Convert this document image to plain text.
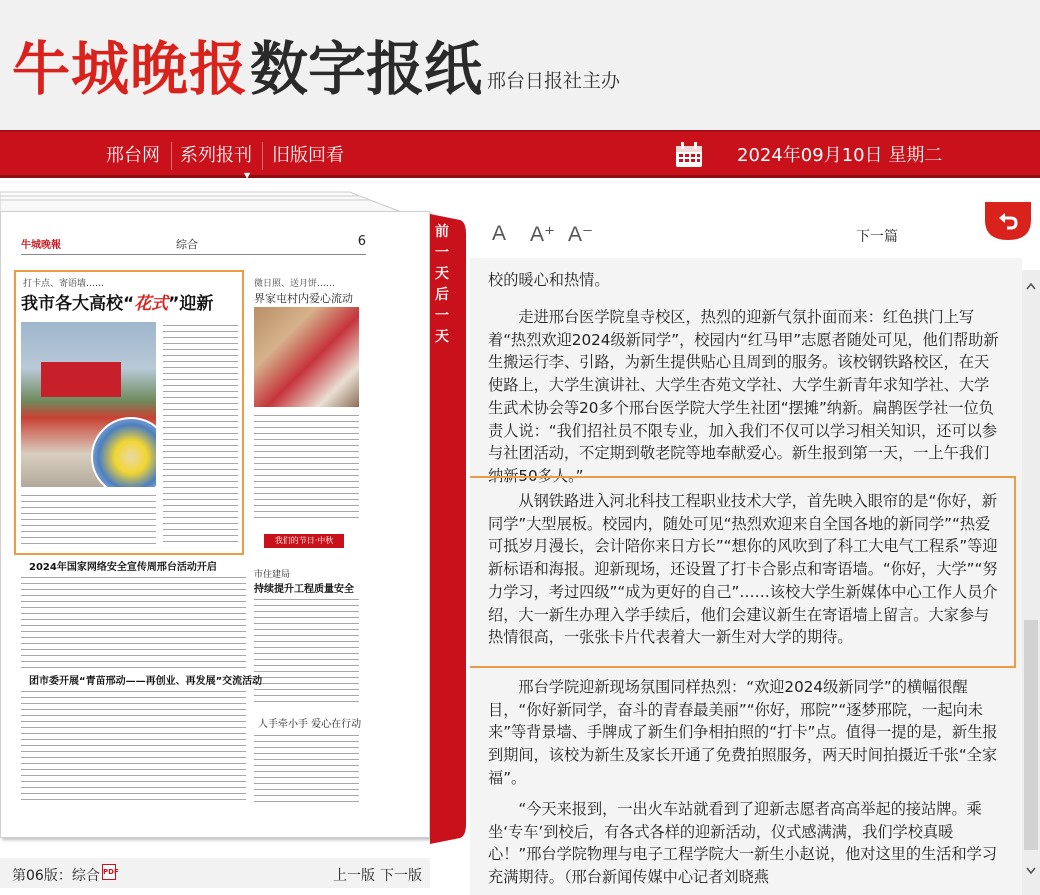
牛城晚报 数字报纸 邢台日报社主办
邢台网 系列报刊
▼
旧版回看	2024年09月10日 星期二
牛城晚報	综合	6
打卡点、寄语墙……
我市各大高校“花式”迎新
微日照、送月饼……
界家屯村内爱心流动
我们的节日·中秋
2024年国家网络安全宣传周邢台活动开启
市住建局
持续提升工程质量安全
团市委开展“青苗邢动——再创业、再发展”交流活动
人手牵小手 爱心在行动
第06版：综合 PDF	上一版 下一版
前
一
天
后
一
天
A A⁺ A⁻	下一篇
校的暖心和热情。
　　走进邢台医学院皇寺校区，热烈的迎新气氛扑面而来：红色拱门上写着“热烈欢迎2024级新同学”，校园内“红马甲”志愿者随处可见，他们帮助新生搬运行李、引路，为新生提供贴心且周到的服务。该校钢铁路校区，在天使路上，大学生演讲社、大学生杏苑文学社、大学生新青年求知学社、大学生武术协会等20多个邢台医学院大学生社团“摆摊”纳新。扁鹊医学社一位负责人说：“我们招社员不限专业，加入我们不仅可以学习相关知识，还可以参与社团活动，不定期到敬老院等地奉献爱心。新生报到第一天，一上午我们纳新50多人。”
　　从钢铁路进入河北科技工程职业技术大学，首先映入眼帘的是“你好，新同学”大型展板。校园内，随处可见“热烈欢迎来自全国各地的新同学”“热爱可抵岁月漫长，会计陪你来日方长”“想你的风吹到了科工大电气工程系”等迎新标语和海报。迎新现场，还设置了打卡合影点和寄语墙。“你好，大学”“努力学习，考过四级”“成为更好的自己”……该校大学生新媒体中心工作人员介绍，大一新生办理入学手续后，他们会建议新生在寄语墙上留言。大家参与热情很高，一张张卡片代表着大一新生对大学的期待。
　　邢台学院迎新现场氛围同样热烈：“欢迎2024级新同学”的横幅很醒目，“你好新同学，奋斗的青春最美丽”“你好，邢院”“逐梦邢院，一起向未来”等背景墙、手牌成了新生们争相拍照的“打卡”点。值得一提的是，新生报到期间，该校为新生及家长开通了免费拍照服务，两天时间拍摄近千张“全家福”。
　　“今天来报到，一出火车站就看到了迎新志愿者高高举起的接站牌。乘坐‘专车’到校后，有各式各样的迎新活动，仪式感满满，我们学校真暖心！”邢台学院物理与电子工程学院大一新生小赵说，他对这里的生活和学习充满期待。（邢台新闻传媒中心记者刘晓燕
